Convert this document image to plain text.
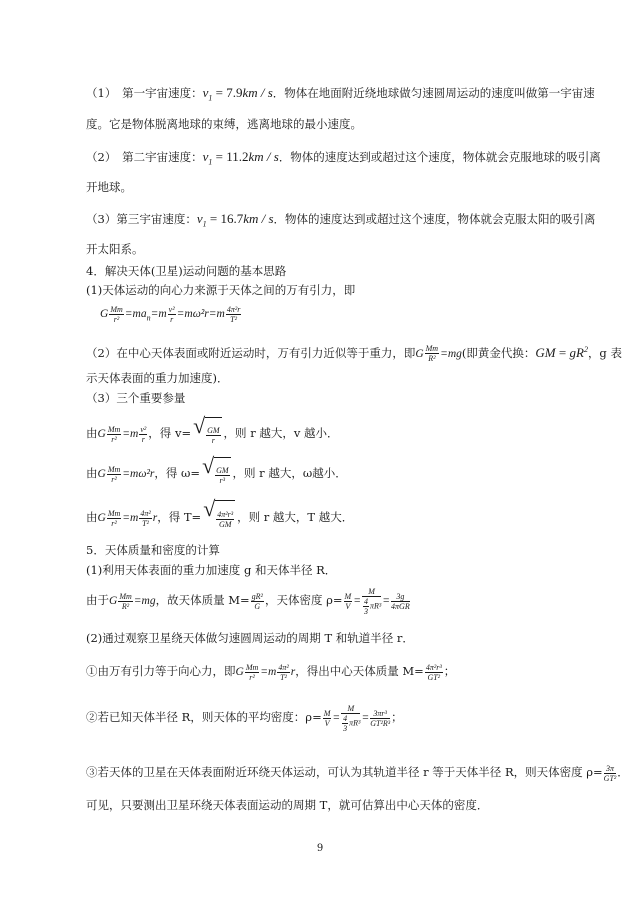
（1）　第一宇宙速度：$v_1 = 7.9km / s$．物体在地面附近绕地球做匀速圆周运动的速度叫做第一宇宙速
度。它是物体脱离地球的束缚，逃离地球的最小速度。
（2）　第二宇宙速度：$v_1 = 11.2km / s$．物体的速度达到或超过这个速度，物体就会克服地球的吸引离
开地球。
（3）第三宇宙速度：$v_1 = 16.7km / s$．物体的速度达到或超过这个速度，物体就会克服太阳的吸引离
开太阳系。
4．解决天体(卫星)运动问题的基本思路
(1)天体运动的向心力来源于天体之间的万有引力，即
G $\frac{Mm}{\text{r²}} =ma_n=m \frac{\text{v²}}{r} =m\omega^2r=m \frac{\text{4π²r}}{\text{T²}}$
（2）在中心天体表面或附近运动时，万有引力近似等于重力，即G $\frac{Mm}{\text{R²}} =mg$(即黄金代换：GM = $gR^2$，g 表
示天体表面的重力加速度)．
（3）三个重要参量
由G $\frac{Mm}{\text{r²}} =m \frac{\text{v²}}{r}$ ，得 v= √ $\frac{GM}{r}$ ，则 r 越大，v 越小．
由G $\frac{Mm}{\text{r²}} =m\omega^2r$，得 ω= √ $\frac{GM}{\text{r³}}$ ，则 r 越大，ω越小．
由G $\frac{Mm}{\text{r²}} =m \frac{\text{4π²}}{\text{T²}}$ r，得 T= √ $\frac{\text{4π²r³}}{GM}$ ，则 r 越大，T 越大．
5．天体质量和密度的计算
(1)利用天体表面的重力加速度 g 和天体半径 R．
由于G $\frac{Mm}{\text{R²}} =mg$，故天体质量 $M= \frac{\text{gR²}}{G}$ ，天体密度 $\rho= \frac{M}{V} = \frac{M}{\frac{4}{3} \pi R^3} = \frac{3g}{\text{4πGR}}$
(2)通过观察卫星绕天体做匀速圆周运动的周期 T 和轨道半径 r．
①由万有引力等于向心力，即G $\frac{Mm}{\text{r²}} =m \frac{\text{4π²}}{\text{T²}}$ r，得出中心天体质量 $M= \frac{\text{4π²r³}}{\text{GT²}}$ ；
②若已知天体半径 R，则天体的平均密度：$\rho= \frac{M}{V} = \frac{M}{\frac{4}{3} \pi R^3} = \frac{\text{3πr³}}{\text{GT²R³}}$ ；
③若天体的卫星在天体表面附近环绕天体运动，可认为其轨道半径 r 等于天体半径 R，则天体密度 $\rho= \frac{3\pi}{\text{GT²}}$ ．
可见，只要测出卫星环绕天体表面运动的周期 T，就可估算出中心天体的密度．
9
